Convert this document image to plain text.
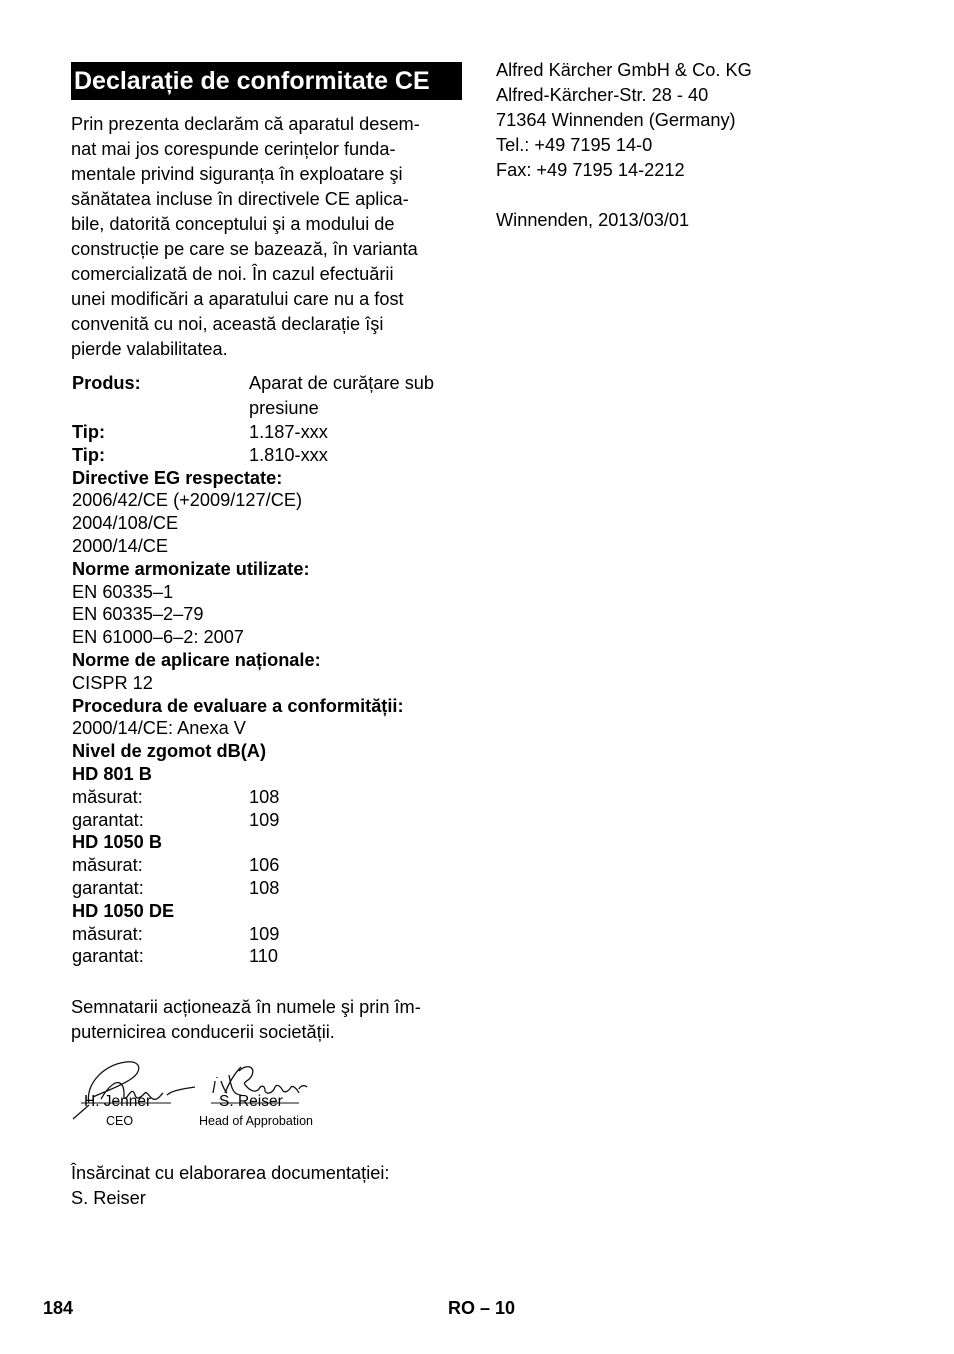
Declarație de conformitate CE
Prin prezenta declarăm că aparatul desem-
nat mai jos corespunde cerințelor funda-
mentale privind siguranța în exploatare şi
sănătatea incluse în directivele CE aplica-
bile, datorită conceptului şi a modului de
construcție pe care se bazează, în varianta
comercializată de noi. În cazul efectuării
unei modificări a aparatului care nu a fost
convenită cu noi, această declarație îşi
pierde valabilitatea.
Produs:	Aparat de curățare sub
presiune
Tip:	1.187-xxx
Tip:	1.810-xxx
Directive EG respectate:
2006/42/CE (+2009/127/CE)
2004/108/CE
2000/14/CE
Norme armonizate utilizate:
EN 60335–1
EN 60335–2–79
EN 61000–6–2: 2007
Norme de aplicare naționale:
CISPR 12
Procedura de evaluare a conformității:
2000/14/CE: Anexa V
Nivel de zgomot dB(A)
HD 801 B
măsurat:	108
garantat:	109
HD 1050 B
măsurat:	106
garantat:	108
HD 1050 DE
măsurat:	109
garantat:	110
Semnatarii acționează în numele şi prin îm-
puternicirea conducerii societății.
H. Jenner
CEO
S. Reiser
Head of Approbation
Însărcinat cu elaborarea documentației:
S. Reiser
Alfred Kärcher GmbH & Co. KG
Alfred-Kärcher-Str. 28 - 40
71364 Winnenden (Germany)
Tel.: +49 7195 14-0
Fax: +49 7195 14-2212
Winnenden, 2013/03/01
184	RO – 10
